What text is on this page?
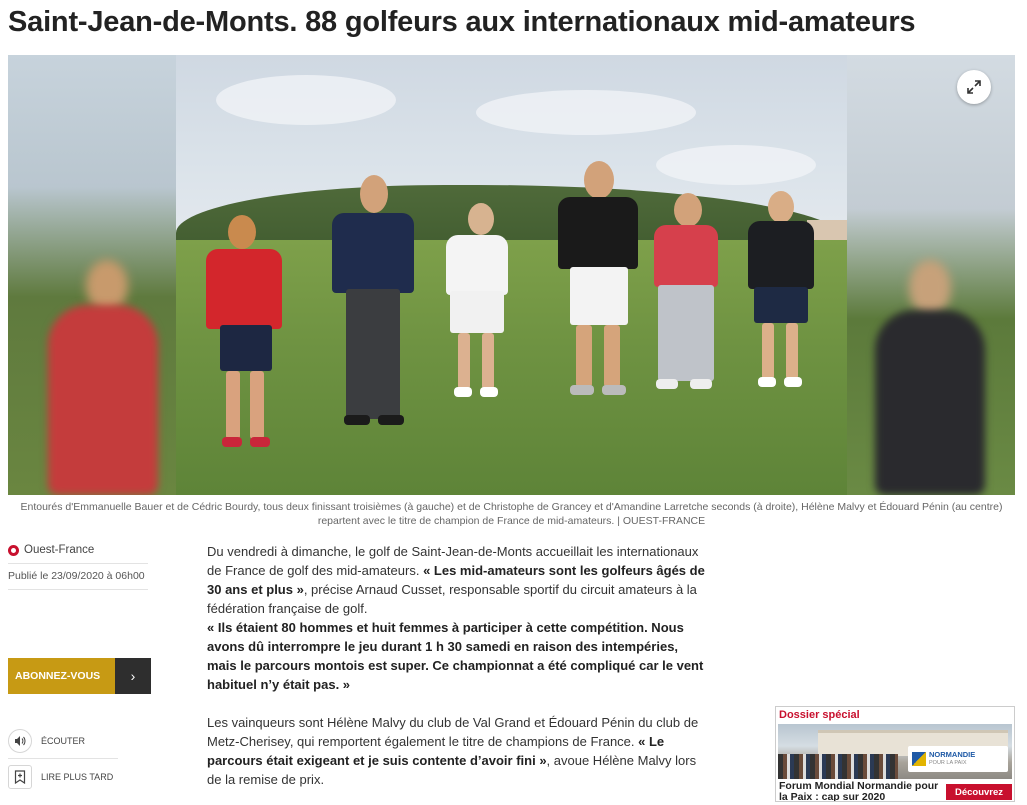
Saint-Jean-de-Monts. 88 golfeurs aux internationaux mid-amateurs
Entourés d'Emmanuelle Bauer et de Cédric Bourdy, tous deux finissant troisièmes (à gauche) et de Christophe de Grancey et d'Amandine Larretche seconds (à droite), Hélène Malvy et Édouard Pénin (au centre) repartent avec le titre de champion de France de mid-amateurs. | OUEST-FRANCE
Ouest-France
Publié le 23/09/2020 à 06h00
ABONNEZ-VOUS	›
ÉCOUTER
LIRE PLUS TARD

Du vendredi à dimanche, le golf de Saint-Jean-de-Monts accueillait les internationaux de France de golf des mid-amateurs. « Les mid-amateurs sont les golfeurs âgés de 30 ans et plus », précise Arnaud Cusset, responsable sportif du circuit amateurs à la fédération française de golf.
« Ils étaient 80 hommes et huit femmes à participer à cette compétition. Nous avons dû interrompre le jeu durant 1 h 30 samedi en raison des intempéries, mais le parcours montois est super. Ce championnat a été compliqué car le vent habituel n’y était pas. »

Les vainqueurs sont Hélène Malvy du club de Val Grand et Édouard Pénin du club de Metz-Cherisey, qui remportent également le titre de champions de France. « Le parcours était exigeant et je suis contente d’avoir fini », avoue Hélène Malvy lors de la remise de prix.

Dossier spécial
NORMANDIE
POUR LA PAIX
Forum Mondial Normandie pour la Paix : cap sur 2020	Découvrez
